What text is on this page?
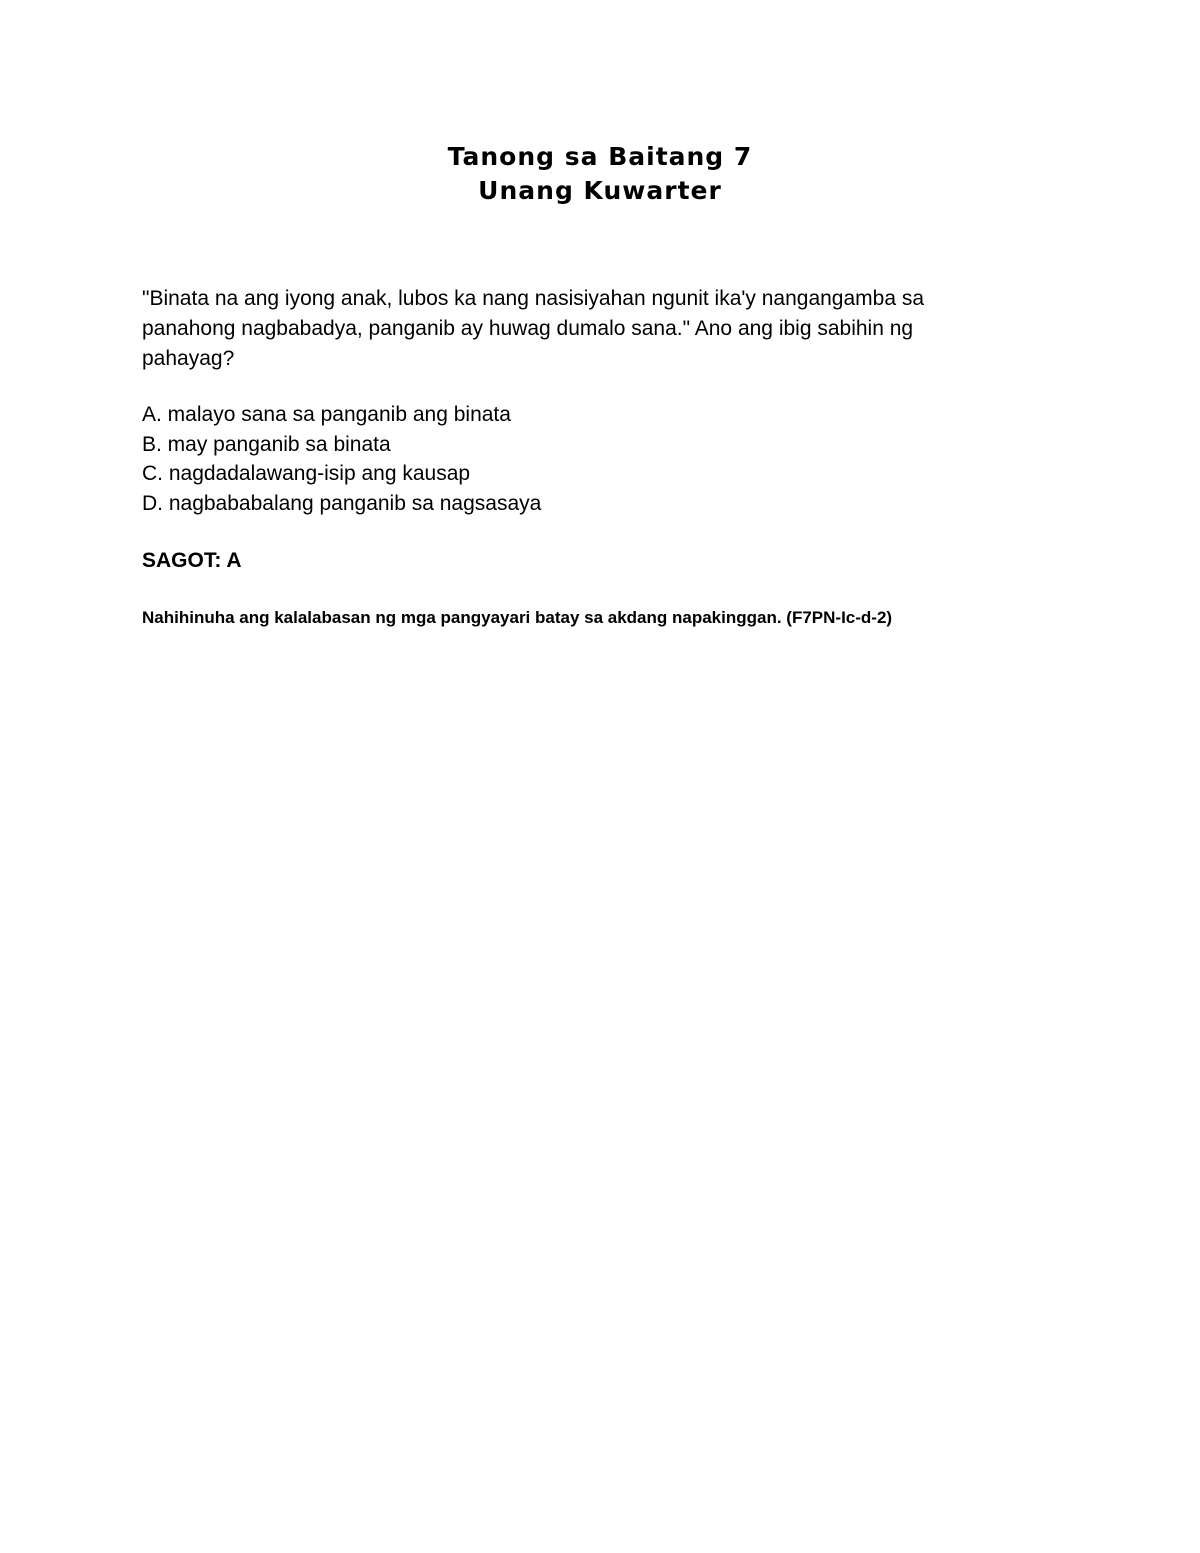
Tanong sa Baitang 7
Unang Kuwarter
"Binata na ang iyong anak, lubos ka nang nasisiyahan ngunit ika'y nangangamba sa
panahong nagbabadya, panganib ay huwag dumalo sana." Ano ang ibig sabihin ng
pahayag?
A. malayo sana sa panganib ang binata
B. may panganib sa binata
C. nagdadalawang-isip ang kausap
D. nagbababalang panganib sa nagsasaya
SAGOT: A
Nahihinuha ang kalalabasan ng mga pangyayari batay sa akdang napakinggan. (F7PN-Ic-d-2)
